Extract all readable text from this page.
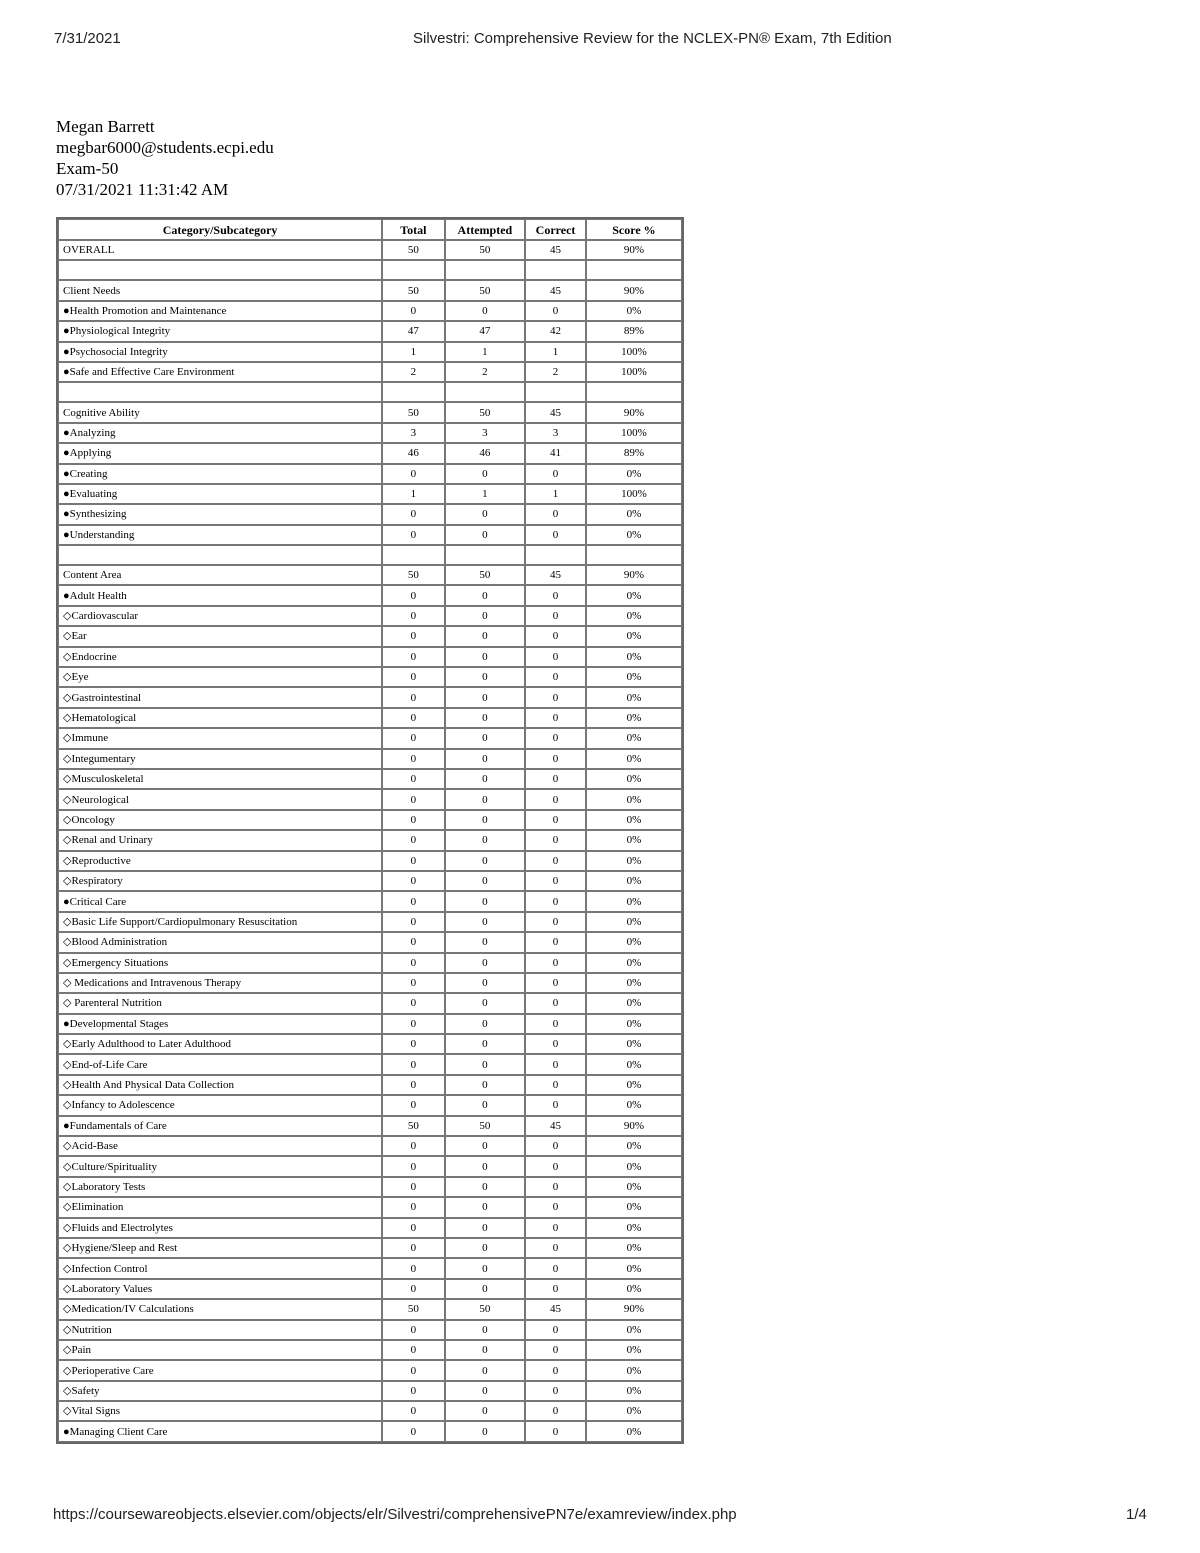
7/31/2021	Silvestri: Comprehensive Review for the NCLEX-PN® Exam, 7th Edition
Megan Barrett
megbar6000@students.ecpi.edu
Exam-50
07/31/2021 11:31:42 AM
Category/Subcategory	Total	Attempted	Correct	Score %
OVERALL	50	50	45	90%

Client Needs	50	50	45	90%
●Health Promotion and Maintenance	0	0	0	0%
●Physiological Integrity	47	47	42	89%
●Psychosocial Integrity	1	1	1	100%
●Safe and Effective Care Environment	2	2	2	100%

Cognitive Ability	50	50	45	90%
●Analyzing	3	3	3	100%
●Applying	46	46	41	89%
●Creating	0	0	0	0%
●Evaluating	1	1	1	100%
●Synthesizing	0	0	0	0%
●Understanding	0	0	0	0%

Content Area	50	50	45	90%
●Adult Health	0	0	0	0%
◇Cardiovascular	0	0	0	0%
◇Ear	0	0	0	0%
◇Endocrine	0	0	0	0%
◇Eye	0	0	0	0%
◇Gastrointestinal	0	0	0	0%
◇Hematological	0	0	0	0%
◇Immune	0	0	0	0%
◇Integumentary	0	0	0	0%
◇Musculoskeletal	0	0	0	0%
◇Neurological	0	0	0	0%
◇Oncology	0	0	0	0%
◇Renal and Urinary	0	0	0	0%
◇Reproductive	0	0	0	0%
◇Respiratory	0	0	0	0%
●Critical Care	0	0	0	0%
◇Basic Life Support/Cardiopulmonary Resuscitation	0	0	0	0%
◇Blood Administration	0	0	0	0%
◇Emergency Situations	0	0	0	0%
◇ Medications and Intravenous Therapy	0	0	0	0%
◇ Parenteral Nutrition	0	0	0	0%
●Developmental Stages	0	0	0	0%
◇Early Adulthood to Later Adulthood	0	0	0	0%
◇End-of-Life Care	0	0	0	0%
◇Health And Physical Data Collection	0	0	0	0%
◇Infancy to Adolescence	0	0	0	0%
●Fundamentals of Care	50	50	45	90%
◇Acid-Base	0	0	0	0%
◇Culture/Spirituality	0	0	0	0%
◇Laboratory Tests	0	0	0	0%
◇Elimination	0	0	0	0%
◇Fluids and Electrolytes	0	0	0	0%
◇Hygiene/Sleep and Rest	0	0	0	0%
◇Infection Control	0	0	0	0%
◇Laboratory Values	0	0	0	0%
◇Medication/IV Calculations	50	50	45	90%
◇Nutrition	0	0	0	0%
◇Pain	0	0	0	0%
◇Perioperative Care	0	0	0	0%
◇Safety	0	0	0	0%
◇Vital Signs	0	0	0	0%
●Managing Client Care	0	0	0	0%
https://coursewareobjects.elsevier.com/objects/elr/Silvestri/comprehensivePN7e/examreview/index.php	1/4
